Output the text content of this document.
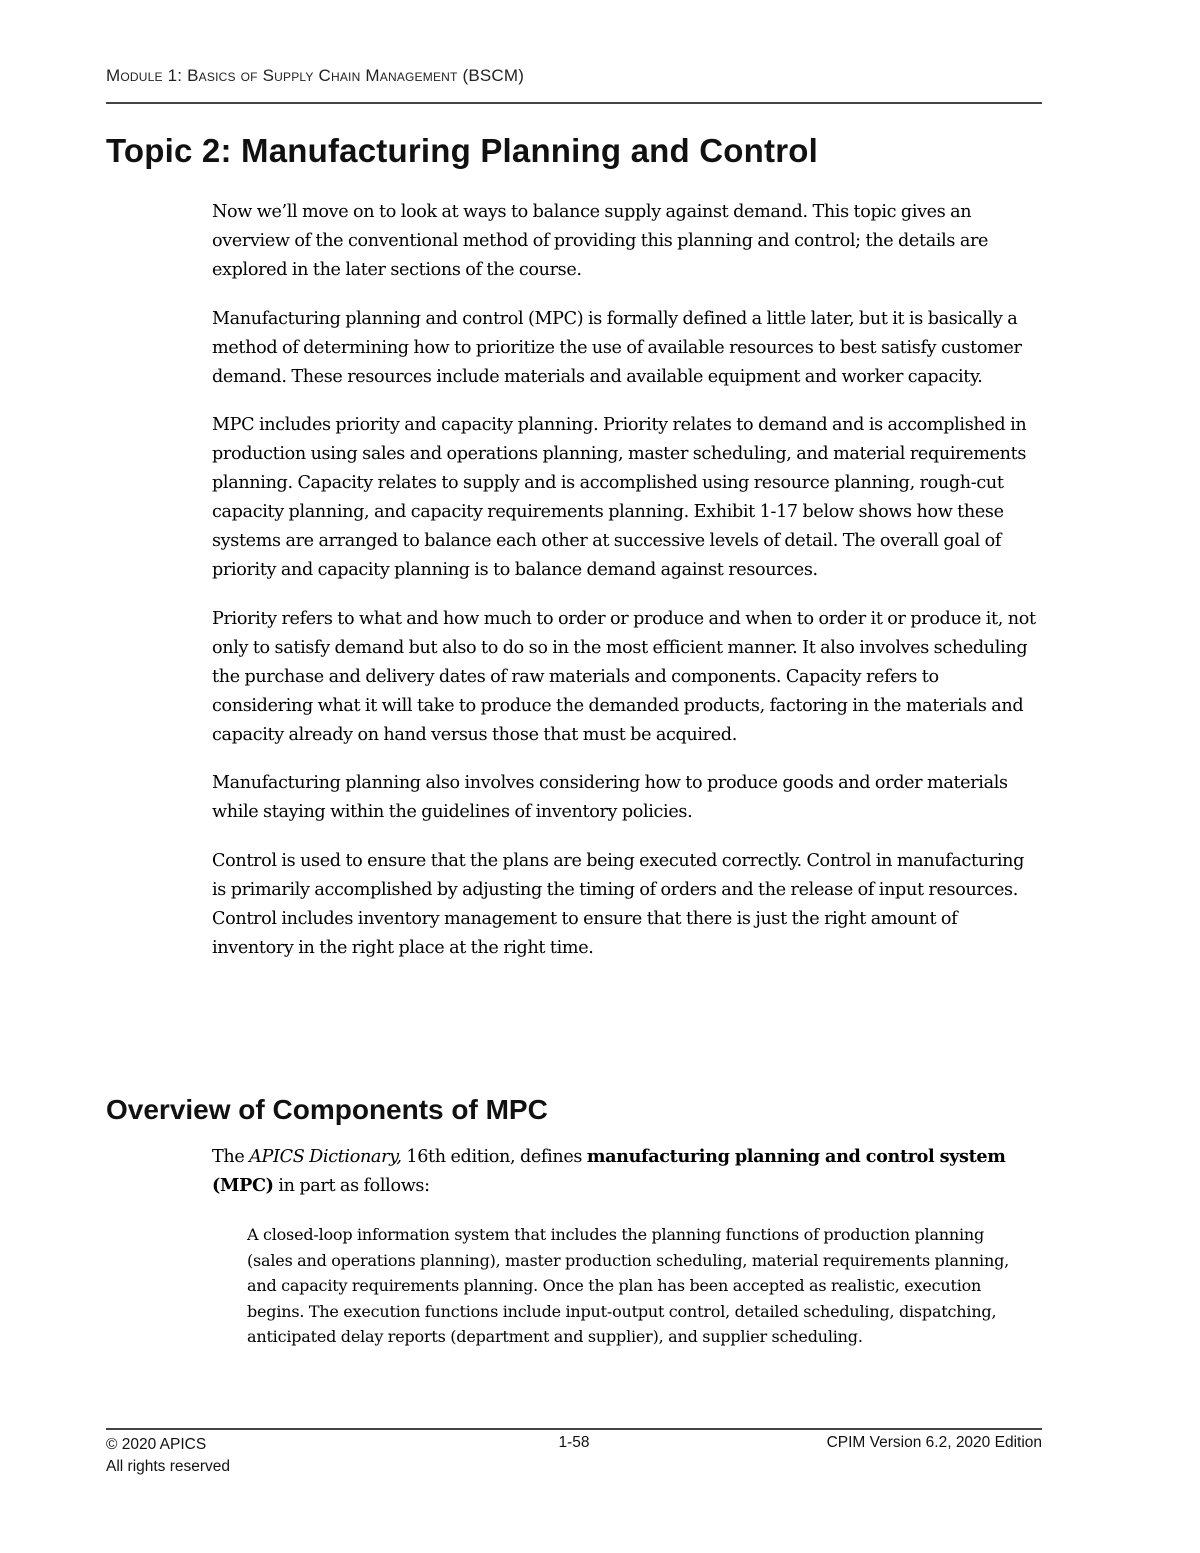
Module 1: Basics of Supply Chain Management (BSCM)
Topic 2: Manufacturing Planning and Control

Now we’ll move on to look at ways to balance supply against demand. This topic gives an overview of the conventional method of providing this planning and control; the details are explored in the later sections of the course.

Manufacturing planning and control (MPC) is formally defined a little later, but it is basically a method of determining how to prioritize the use of available resources to best satisfy customer demand. These resources include materials and available equipment and worker capacity.

MPC includes priority and capacity planning. Priority relates to demand and is accomplished in production using sales and operations planning, master scheduling, and material requirements planning. Capacity relates to supply and is accomplished using resource planning, rough-cut capacity planning, and capacity requirements planning. Exhibit 1-17 below shows how these systems are arranged to balance each other at successive levels of detail. The overall goal of priority and capacity planning is to balance demand against resources.

Priority refers to what and how much to order or produce and when to order it or produce it, not only to satisfy demand but also to do so in the most efficient manner. It also involves scheduling the purchase and delivery dates of raw materials and components. Capacity refers to considering what it will take to produce the demanded products, factoring in the materials and capacity already on hand versus those that must be acquired.

Manufacturing planning also involves considering how to produce goods and order materials while staying within the guidelines of inventory policies.

Control is used to ensure that the plans are being executed correctly. Control in manufacturing is primarily accomplished by adjusting the timing of orders and the release of input resources. Control includes inventory management to ensure that there is just the right amount of inventory in the right place at the right time.

Overview of Components of MPC

The APICS Dictionary, 16th edition, defines manufacturing planning and control system (MPC) in part as follows:

A closed-loop information system that includes the planning functions of production planning (sales and operations planning), master production scheduling, material requirements planning, and capacity requirements planning. Once the plan has been accepted as realistic, execution begins. The execution functions include input-output control, detailed scheduling, dispatching, anticipated delay reports (department and supplier), and supplier scheduling.

© 2020 APICS
All rights reserved
1-58	CPIM Version 6.2, 2020 Edition
